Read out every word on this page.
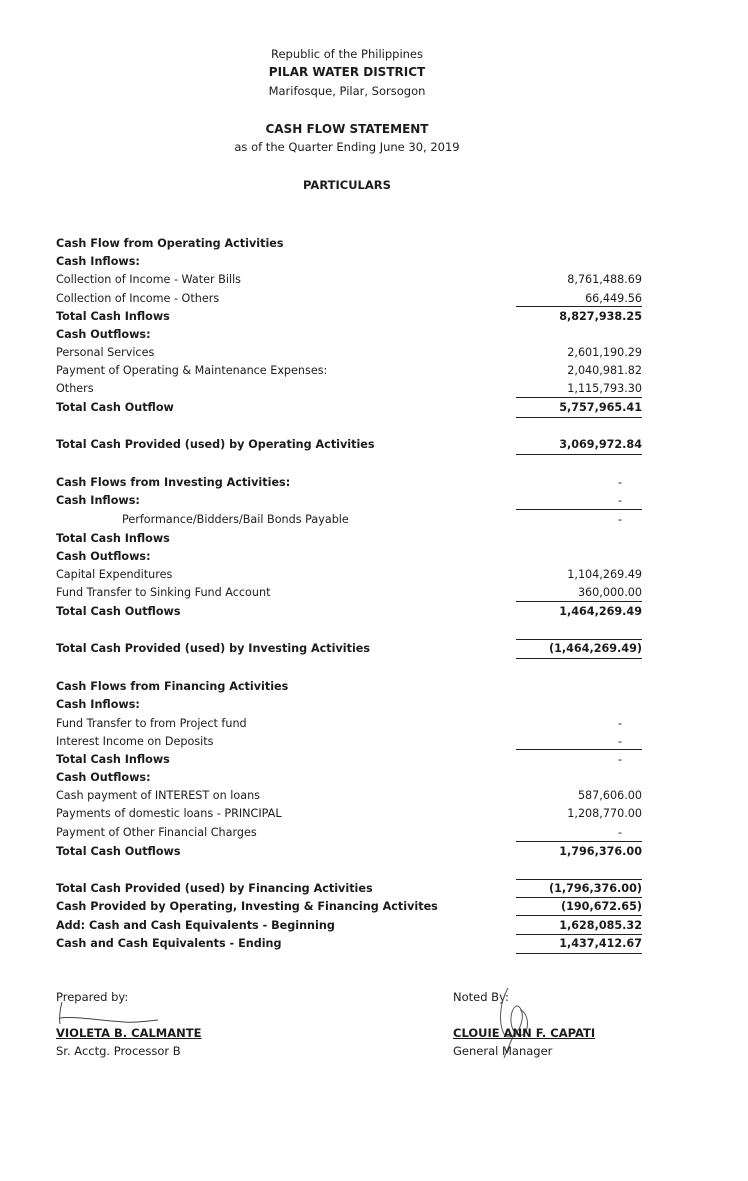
Republic of the Philippines
PILAR WATER DISTRICT
Marifosque, Pilar, Sorsogon
CASH FLOW STATEMENT
as of the Quarter Ending June 30, 2019
PARTICULARS
Cash Flow from Operating Activities
Cash Inflows:
Collection of Income - Water Bills	8,761,488.69
Collection of Income - Others	66,449.56
Total Cash Inflows	8,827,938.25
Cash Outflows:
Personal Services	2,601,190.29
Payment of Operating & Maintenance Expenses:	2,040,981.82
Others	1,115,793.30
Total Cash Outflow	5,757,965.41
Total Cash Provided (used) by Operating Activities	3,069,972.84
Cash Flows from Investing Activities:	-
Cash Inflows:	-
Performance/Bidders/Bail Bonds Payable	-
Total Cash Inflows
Cash Outflows:
Capital Expenditures	1,104,269.49
Fund Transfer to Sinking Fund Account	360,000.00
Total Cash Outflows	1,464,269.49
Total Cash Provided (used) by Investing Activities	(1,464,269.49)
Cash Flows from Financing Activities
Cash Inflows:
Fund Transfer to from Project fund	-
Interest Income on Deposits	-
Total Cash Inflows	-
Cash Outflows:
Cash payment of INTEREST on loans	587,606.00
Payments of domestic loans - PRINCIPAL	1,208,770.00
Payment of Other Financial Charges	-
Total Cash Outflows	1,796,376.00
Total Cash Provided (used) by Financing Activities	(1,796,376.00)
Cash Provided by Operating, Investing & Financing Activites	(190,672.65)
Add: Cash and Cash Equivalents - Beginning	1,628,085.32
Cash and Cash Equivalents - Ending	1,437,412.67
Prepared by:
VIOLETA B. CALMANTE
Sr. Acctg. Processor B
Noted By:
CLOUIE ANN F. CAPATI
General Manager
